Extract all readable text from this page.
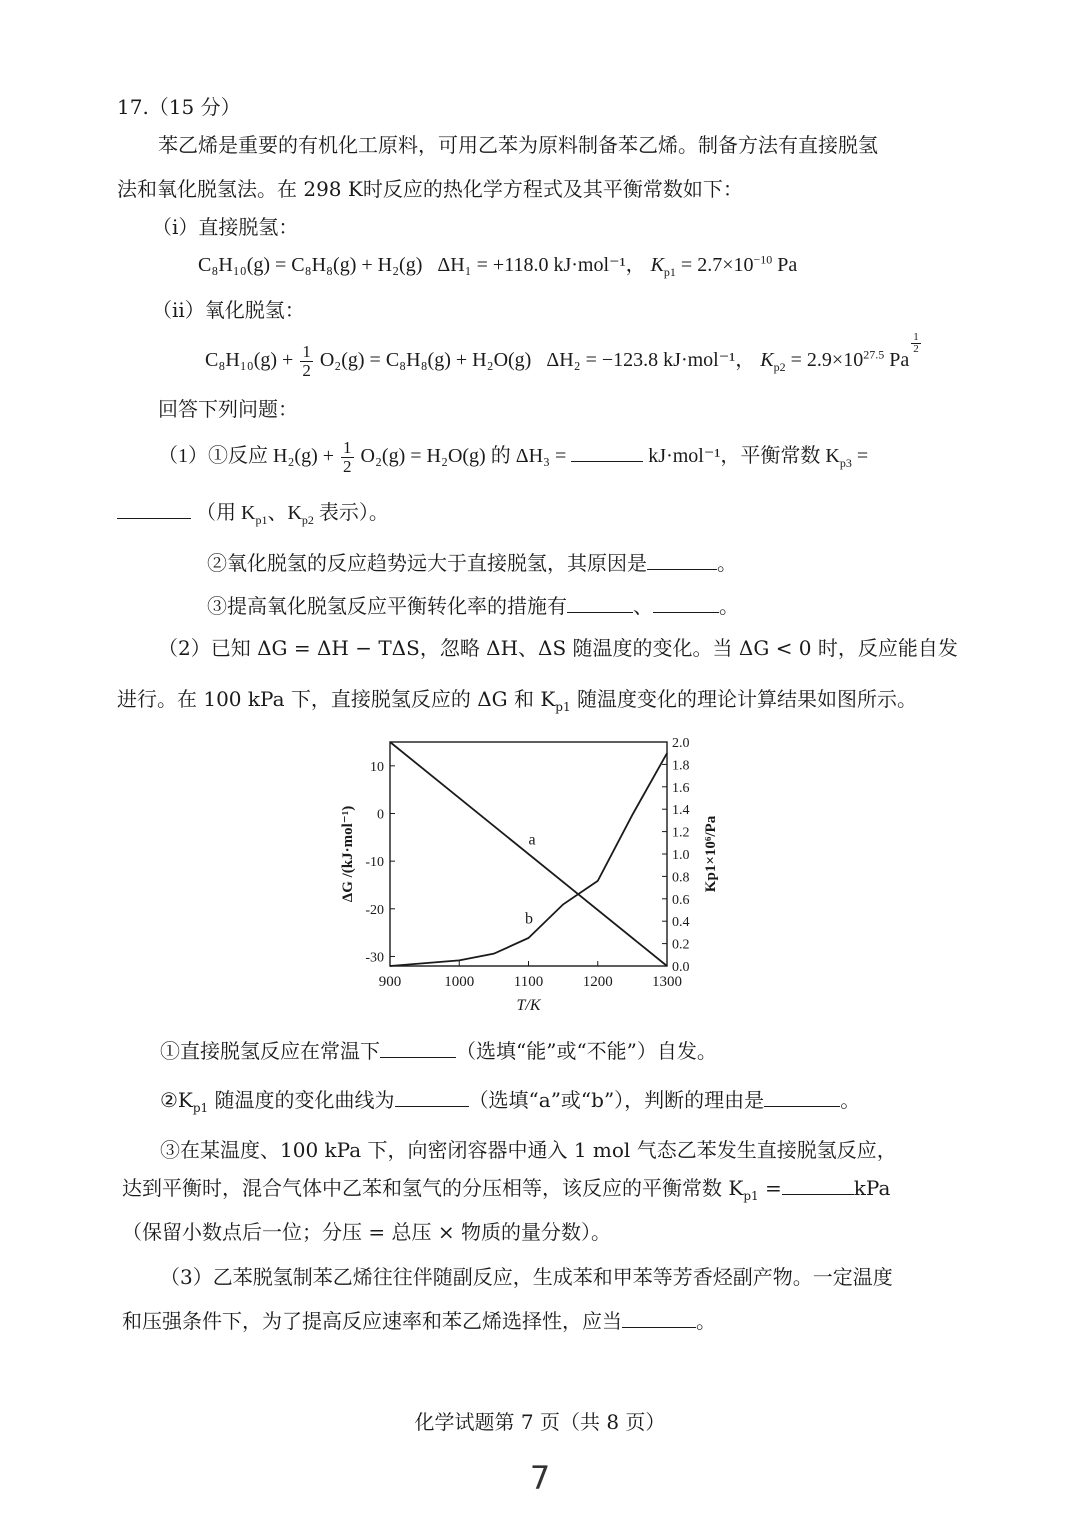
17.（15 分）
苯乙烯是重要的有机化工原料，可用乙苯为原料制备苯乙烯。制备方法有直接脱氢
法和氧化脱氢法。在 298 K时反应的热化学方程式及其平衡常数如下：
（i）直接脱氢：
C₈H₁₀(g) = C₈H₈(g) + H₂(g) ΔH₁ = +118.0 kJ·mol⁻¹， $K_{p1} = 2.7\times 10^{-10}$ Pa
（ii）氧化脱氢：
$C_8H_{10}(g) + \frac{1}{2} O_2(g) = C_8H_8(g) + H_2O(g) \Delta H_2 = -123.8$ kJ·mol⁻¹， $K_{p2} = 2.9\times 10^{27.5}$ Pa
$\frac{1}{2}$
回答下列问题：
（1）①反应 $H_2(g) + \frac{1}{2} O_2(g) = H_2O(g)$ 的 ΔH₃ =	kJ·mol⁻¹，平衡常数 $K_{p3}$ =
（用 $K_{p1}$、$K_{p2}$ 表示）。
②氧化脱氢的反应趋势远大于直接脱氢，其原因是	。
③提高氧化脱氢反应平衡转化率的措施有	、	。
（2）已知 ΔG = ΔH − TΔS，忽略 ΔH、ΔS 随温度的变化。当 ΔG < 0 时，反应能自发
进行。在 100 kPa 下，直接脱氢反应的 ΔG 和 $K_{p1}$ 随温度变化的理论计算结果如图所示。
900	1000	1100	1200	1300
10
0
-10
-20
-30
2.0
1.8
1.6
1.4
1.2
1.0
0.8
0.6
0.4
0.2
0.0
T/K
ΔG /(kJ·mol⁻¹)	Kp1×10⁶/Pa
a
b
①直接脱氢反应在常温下	（选填“能”或“不能”）自发。
$②K_{p1}$ 随温度的变化曲线为	（选填“a”或“b”），判断的理由是	。
③在某温度、100 kPa 下，向密闭容器中通入 1 mol 气态乙苯发生直接脱氢反应，
达到平衡时，混合气体中乙苯和氢气的分压相等，该反应的平衡常数 $K_{p1}$ =	kPa
（保留小数点后一位；分压 = 总压 × 物质的量分数）。
（3）乙苯脱氢制苯乙烯往往伴随副反应，生成苯和甲苯等芳香烃副产物。一定温度
和压强条件下，为了提高反应速率和苯乙烯选择性，应当	。
化学试题第 7 页（共 8 页）
7
